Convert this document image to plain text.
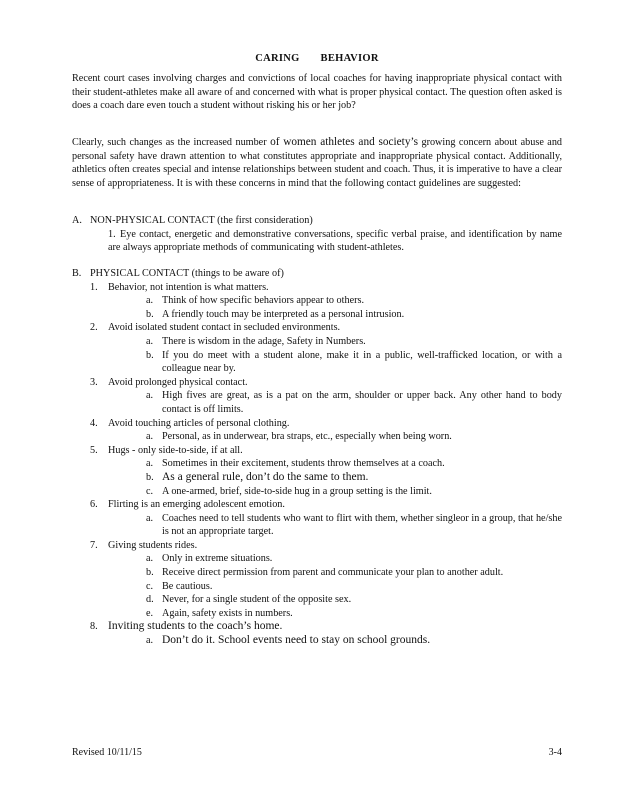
CARING BEHAVIOR

Recent court cases involving charges and convictions of local coaches for having inappropriate physical contact with their student-athletes make all aware of and concerned with what is proper physical contact. The question often asked is does a coach dare even touch a student without risking his or her job?

Clearly, such changes as the increased number of women athletes and society’s growing concern about abuse and personal safety have drawn attention to what constitutes appropriate and inappropriate physical contact. Additionally, athletics often creates special and intense relationships between student and coach. Thus, it is imperative to have a clear sense of appropriateness. It is with these concerns in mind that the following contact guidelines are suggested:

A. NON-PHYSICAL CONTACT (the first consideration)
1. Eye contact, energetic and demonstrative conversations, specific verbal praise, and identification by name are always appropriate methods of communicating with student-athletes.
B. PHYSICAL CONTACT (things to be aware of)
1. Behavior, not intention is what matters.
a. Think of how specific behaviors appear to others.
b. A friendly touch may be interpreted as a personal intrusion.
2. Avoid isolated student contact in secluded environments.
a. There is wisdom in the adage, Safety in Numbers.
b. If you do meet with a student alone, make it in a public, well-trafficked location, or with a colleague near by.
3. Avoid prolonged physical contact.
a. High fives are great, as is a pat on the arm, shoulder or upper back. Any other hand to body contact is off limits.
4. Avoid touching articles of personal clothing.
a. Personal, as in underwear, bra straps, etc., especially when being worn.
5. Hugs - only side-to-side, if at all.
a. Sometimes in their excitement, students throw themselves at a coach.
b. As a general rule, don’t do the same to them.
c. A one-armed, brief, side-to-side hug in a group setting is the limit.
6. Flirting is an emerging adolescent emotion.
a. Coaches need to tell students who want to flirt with them, whether singleor in a group, that he/she is not an appropriate target.
7. Giving students rides.
a. Only in extreme situations.
b. Receive direct permission from parent and communicate your plan to another adult.
c. Be cautious.
d. Never, for a single student of the opposite sex.
e. Again, safety exists in numbers.
8. Inviting students to the coach’s home.
a. Don’t do it. School events need to stay on school grounds.
Revised 10/11/15	3-4
